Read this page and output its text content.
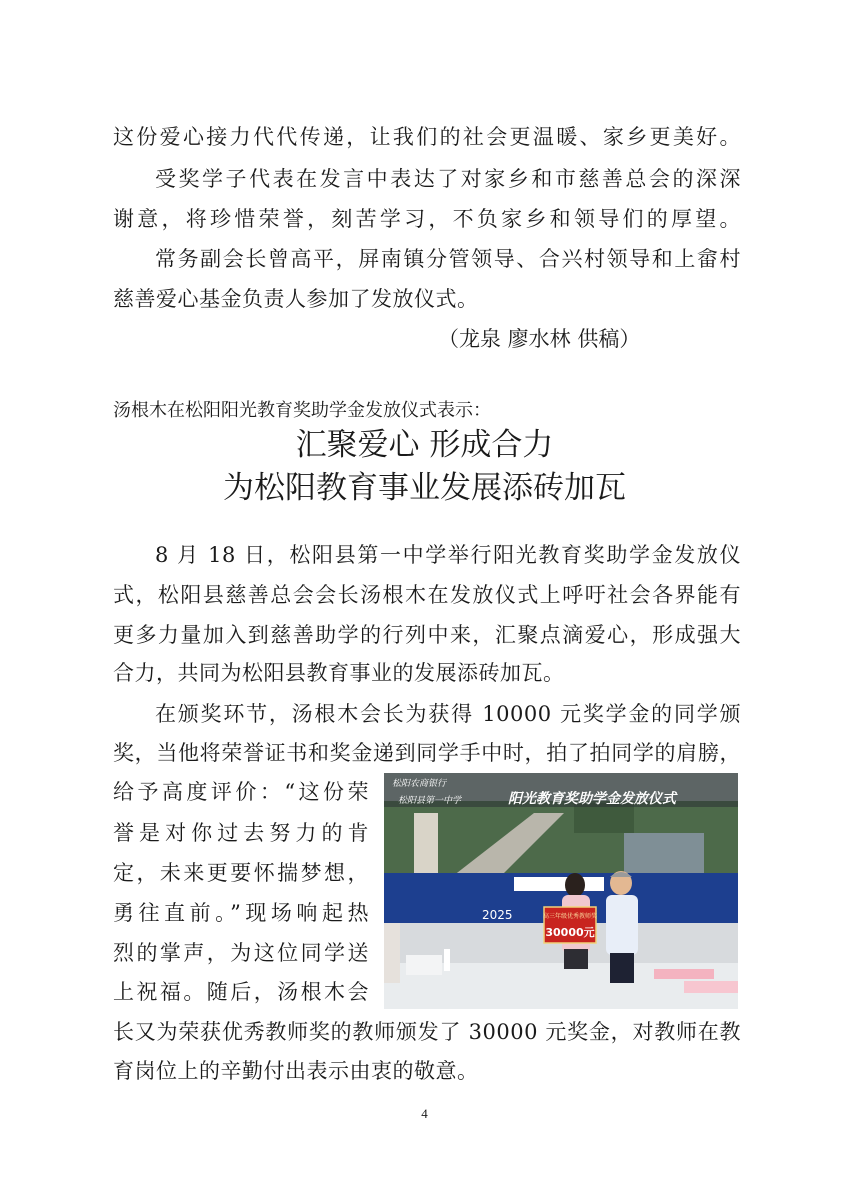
这份爱心接力代代传递，让我们的社会更温暖、家乡更美好。
受奖学子代表在发言中表达了对家乡和市慈善总会的深深
谢意，将珍惜荣誉，刻苦学习，不负家乡和领导们的厚望。
常务副会长曾高平，屏南镇分管领导、合兴村领导和上畲村
慈善爱心基金负责人参加了发放仪式。
（龙泉 廖水林 供稿）
汤根木在松阳阳光教育奖助学金发放仪式表示：
汇聚爱心 形成合力
为松阳教育事业发展添砖加瓦
8 月 18 日，松阳县第一中学举行阳光教育奖助学金发放仪
式，松阳县慈善总会会长汤根木在发放仪式上呼吁社会各界能有
更多力量加入到慈善助学的行列中来，汇聚点滴爱心，形成强大
合力，共同为松阳县教育事业的发展添砖加瓦。
在颁奖环节，汤根木会长为获得 10000 元奖学金的同学颁
奖，当他将荣誉证书和奖金递到同学手中时，拍了拍同学的肩膀，
给予高度评价：“这份荣
誉是对你过去努力的肯
定，未来更要怀揣梦想，
勇往直前。”现场响起热
烈的掌声，为这位同学送
上祝福。随后，汤根木会
松阳农商银行
松阳县第一中学	阳光教育奖助学金发放仪式
2025	高三年级优秀教师奖
30000元
长又为荣获优秀教师奖的教师颁发了 30000 元奖金，对教师在教
育岗位上的辛勤付出表示由衷的敬意。
4
